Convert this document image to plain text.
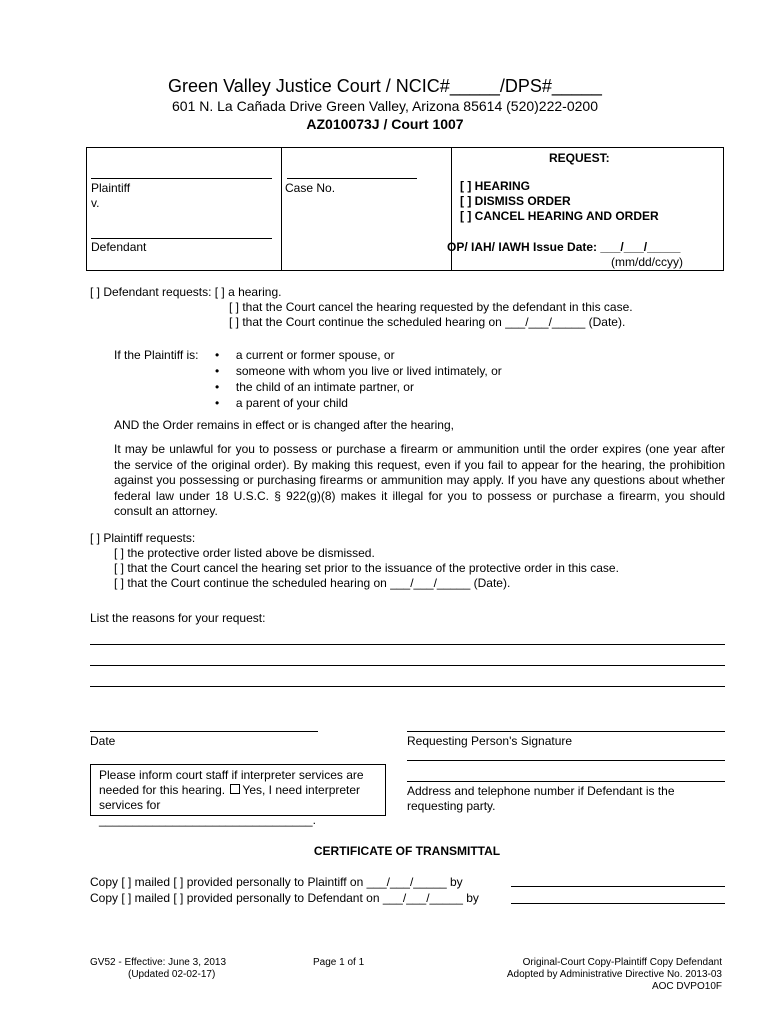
Green Valley Justice Court / NCIC#_____/DPS#_____
601 N. La Cañada Drive Green Valley, Arizona 85614 (520)222-0200
AZ010073J / Court 1007
Plaintiff
v.
Defendant
Case No.
REQUEST:
[ ] HEARING
[ ] DISMISS ORDER
[ ] CANCEL HEARING AND ORDER
OP/ IAH/ IAWH Issue Date: ___/___/_____
(mm/dd/ccyy)
[ ] Defendant requests: [ ] a hearing.
[ ] that the Court cancel the hearing requested by the defendant in this case.
[ ] that the Court continue the scheduled hearing on ___/___/_____ (Date).
If the Plaintiff is: •     a current or former spouse, or
•     someone with whom you live or lived intimately, or
•     the child of an intimate partner, or
•     a parent of your child
AND the Order remains in effect or is changed after the hearing,
It may be unlawful for you to possess or purchase a firearm or ammunition until the order expires (one year after the service of the original order). By making this request, even if you fail to appear for the hearing, the prohibition against you possessing or purchasing firearms or ammunition may apply. If you have any questions about whether federal law under 18 U.S.C. § 922(g)(8) makes it illegal for you to possess or purchase a firearm, you should consult an attorney.
[ ] Plaintiff requests:
[ ] the protective order listed above be dismissed.
[ ] that the Court cancel the hearing set prior to the issuance of the protective order in this case.
[ ] that the Court continue the scheduled hearing on ___/___/_____ (Date).
List the reasons for your request:
Date	Requesting Person's Signature
Please inform court staff if interpreter services are needed for this hearing. Yes, I need interpreter services for ________________________________.
Address and telephone number if Defendant is the requesting party.
CERTIFICATE OF TRANSMITTAL
Copy [ ] mailed [ ] provided personally to Plaintiff on ___/___/_____ by
Copy [ ] mailed [ ] provided personally to Defendant on ___/___/_____ by
GV52 - Effective: June 3, 2013
(Updated 02-02-17)
Page 1 of 1	Original-Court Copy-Plaintiff Copy Defendant
Adopted by Administrative Directive No. 2013-03
AOC DVPO10F
